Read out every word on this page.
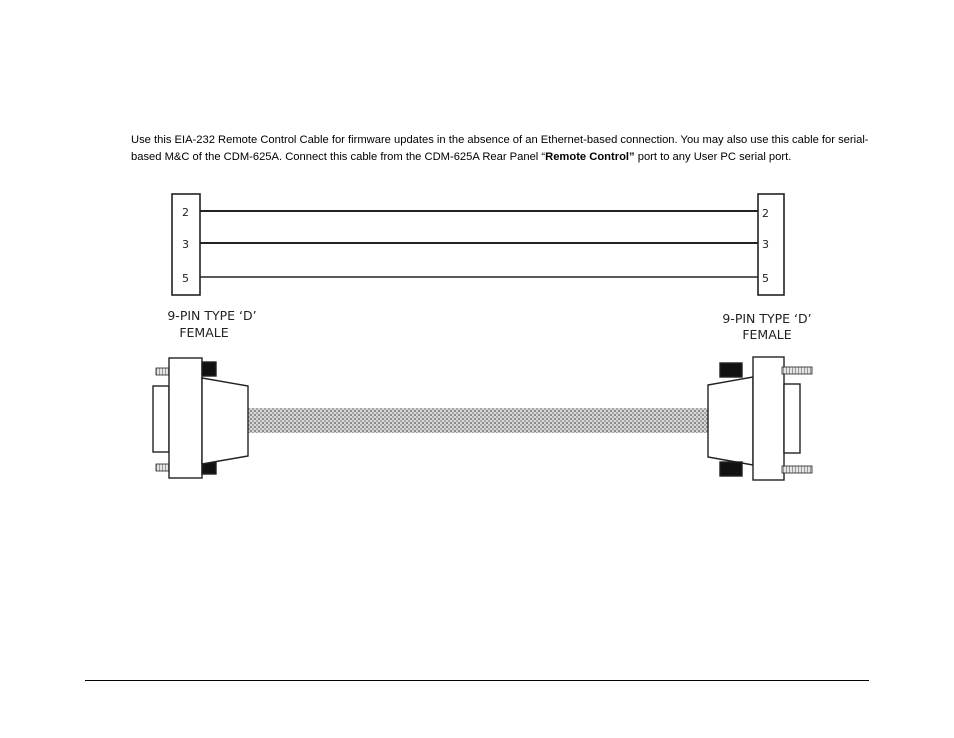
Use this EIA-232 Remote Control Cable for firmware updates in the absence of an Ethernet-based connection. You may also use this cable for serial-based M&C of the CDM-625A. Connect this cable from the CDM-625A Rear Panel “Remote Control” port to any User PC serial port.

2
3
5
2
3
5
9-PIN TYPE ‘D’
FEMALE
9-PIN TYPE ‘D’
FEMALE
